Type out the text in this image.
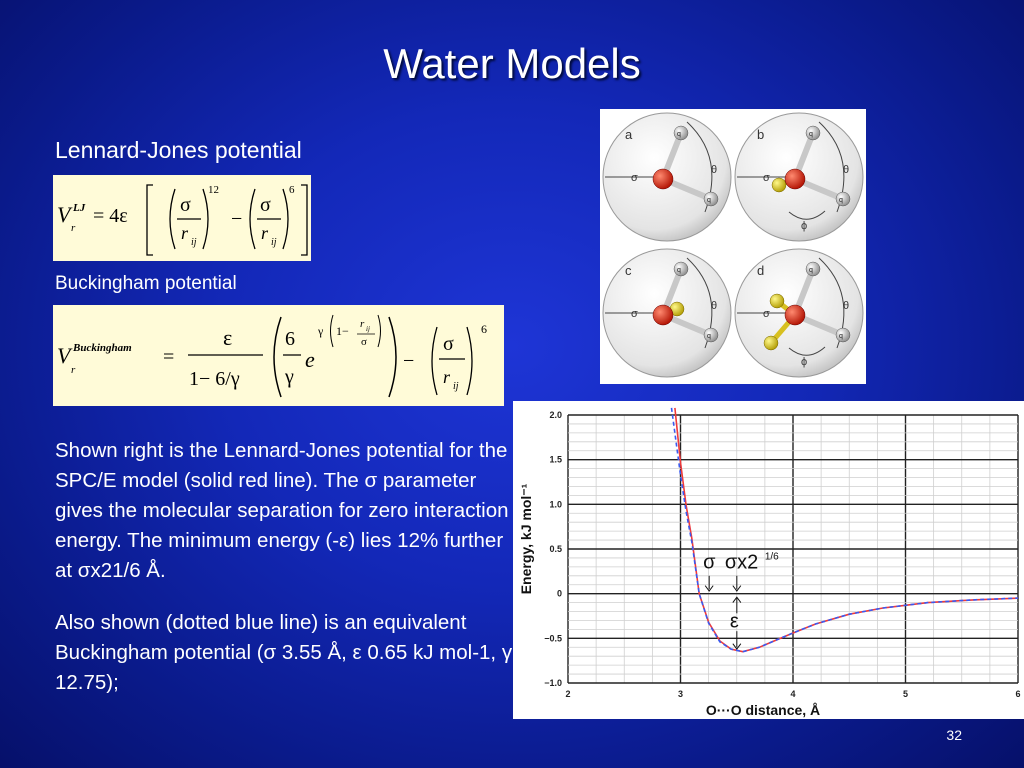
Water Models
Lennard-Jones potential
V LJ
r
= 4ε	σ
r ij
12
−
σ
r ij
6
Buckingham potential
V Buckingham
r
=
ε
1− 6/γ
6
γ
e
γ 1− r ij
σ
−
σ
r ij
6

Shown right is the Lennard-Jones potential for the SPC/E model (solid red line). The σ parameter gives the molecular separation for zero interaction energy. The minimum energy (-ε) lies 12% further at σx21/6 Å.

Also shown (dotted blue line) is an equivalent Buckingham potential (σ 3.55 Å, ε 0.65 kJ mol-1, γ 12.75);

a
σ
θ
q
q
b
σ
θ
q
q
ϕ
c
σ
θ
q
q
d
σ
θ
q
q
ϕ
2.0
1.5
1.0
0.5
0
−0.5
−1.0
2	3	4	5	6
O···O distance, Å
Energy, kJ mol⁻¹	σ σx2 1/6
ε
32
